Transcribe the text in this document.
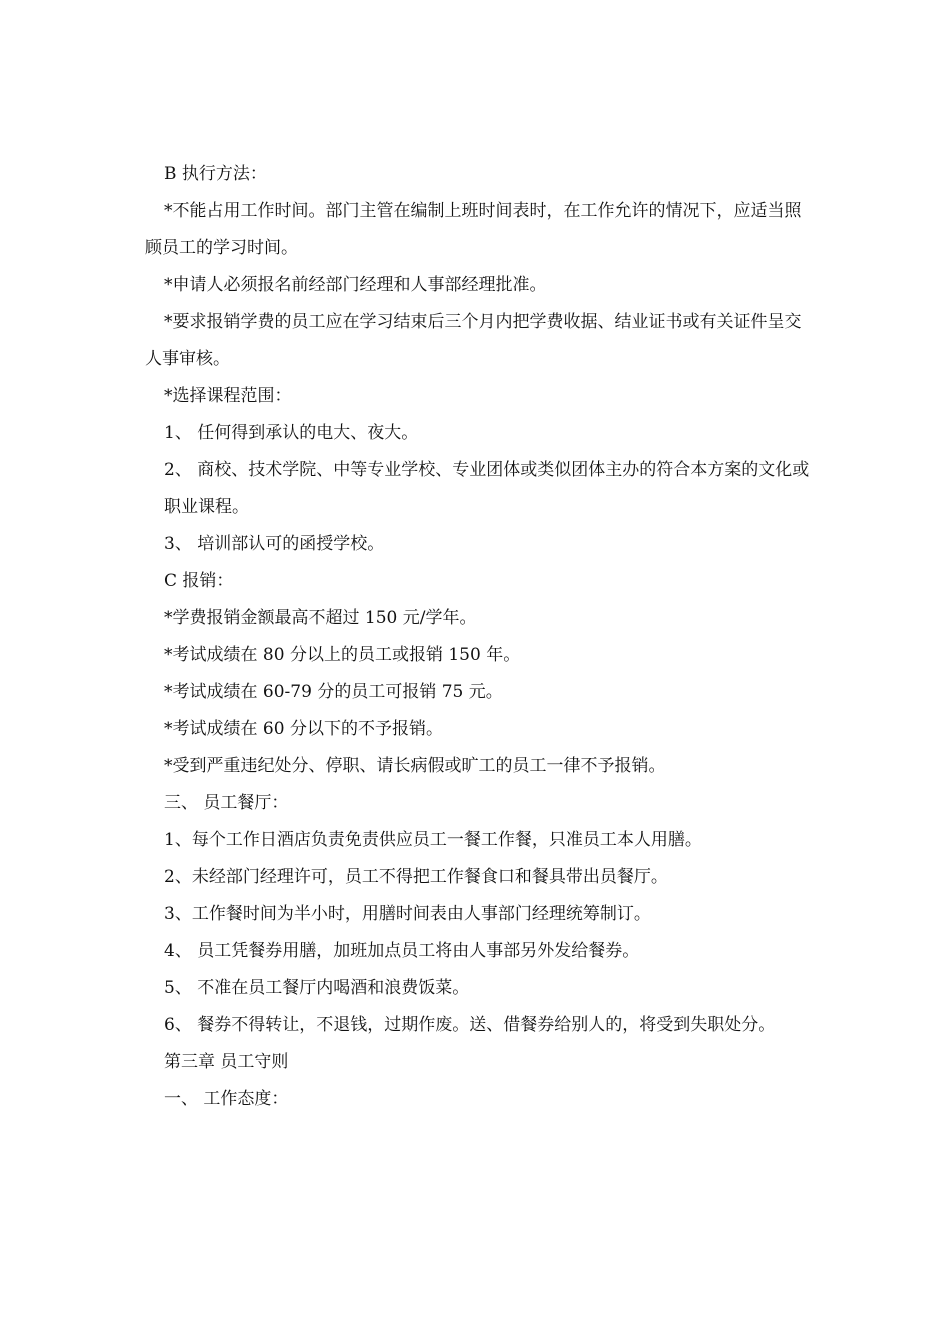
B 执行方法：

*不能占用工作时间。部门主管在编制上班时间表时，在工作允许的情况下，应适当照顾员工的学习时间。

*申请人必须报名前经部门经理和人事部经理批准。

*要求报销学费的员工应在学习结束后三个月内把学费收据、结业证书或有关证件呈交人事审核。

*选择课程范围：

1、 任何得到承认的电大、夜大。

2、 商校、技术学院、中等专业学校、专业团体或类似团体主办的符合本方案的文化或

职业课程。

3、 培训部认可的函授学校。

C 报销：

*学费报销金额最高不超过 150 元/学年。

*考试成绩在 80 分以上的员工或报销 150 年。

*考试成绩在 60-79 分的员工可报销 75 元。

*考试成绩在 60 分以下的不予报销。

*受到严重违纪处分、停职、请长病假或旷工的员工一律不予报销。

三、 员工餐厅：

1、每个工作日酒店负责免责供应员工一餐工作餐，只准员工本人用膳。

2、未经部门经理许可，员工不得把工作餐食口和餐具带出员餐厅。

3、工作餐时间为半小时，用膳时间表由人事部门经理统筹制订。

4、 员工凭餐券用膳，加班加点员工将由人事部另外发给餐券。

5、 不准在员工餐厅内喝酒和浪费饭菜。

6、 餐券不得转让，不退钱，过期作废。送、借餐券给别人的，将受到失职处分。

第三章 员工守则

一、 工作态度：
